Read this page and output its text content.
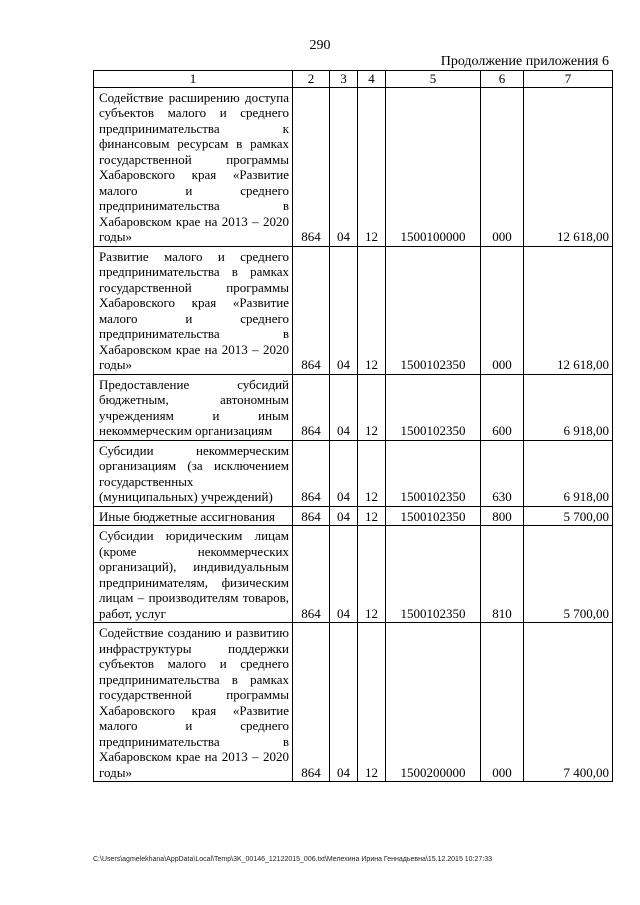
290
Продолжение приложения 6
1	2	3	4	5	6	7
Содействие расширению доступа субъектов малого и среднего предпринимательства к финансовым ресурсам в рамках государственной программы Хабаровского края «Развитие малого и среднего предпринимательства в Хабаровском крае на 2013 – 2020 годы»	864	04	12	1500100000	000	12 618,00
Развитие малого и среднего предпринимательства в рамках государственной программы Хабаровского края «Развитие малого и среднего предпринимательства в Хабаровском крае на 2013 – 2020 годы»	864	04	12	1500102350	000	12 618,00
Предоставление субсидий бюджетным, автономным учреждениям и иным некоммерческим организациям	864	04	12	1500102350	600	6 918,00
Субсидии некоммерческим организациям (за исключением государственных (муниципальных) учреждений)	864	04	12	1500102350	630	6 918,00
Иные бюджетные ассигнования	864	04	12	1500102350	800	5 700,00
Субсидии юридическим лицам (кроме некоммерческих организаций), индивидуальным предпринимателям, физическим лицам – производителям товаров, работ, услуг	864	04	12	1500102350	810	5 700,00
Содействие созданию и развитию инфраструктуры поддержки субъектов малого и среднего предпринимательства в рамках государственной программы Хабаровского края «Развитие малого и среднего предпринимательства в Хабаровском крае на 2013 – 2020 годы»	864	04	12	1500200000	000	7 400,00
C:\Users\agmelekhana\AppData\Local\Temp\3K_00146_12122015_006.txt\Мелехина Ирина Геннадьевна\15.12.2015 10:27:33
